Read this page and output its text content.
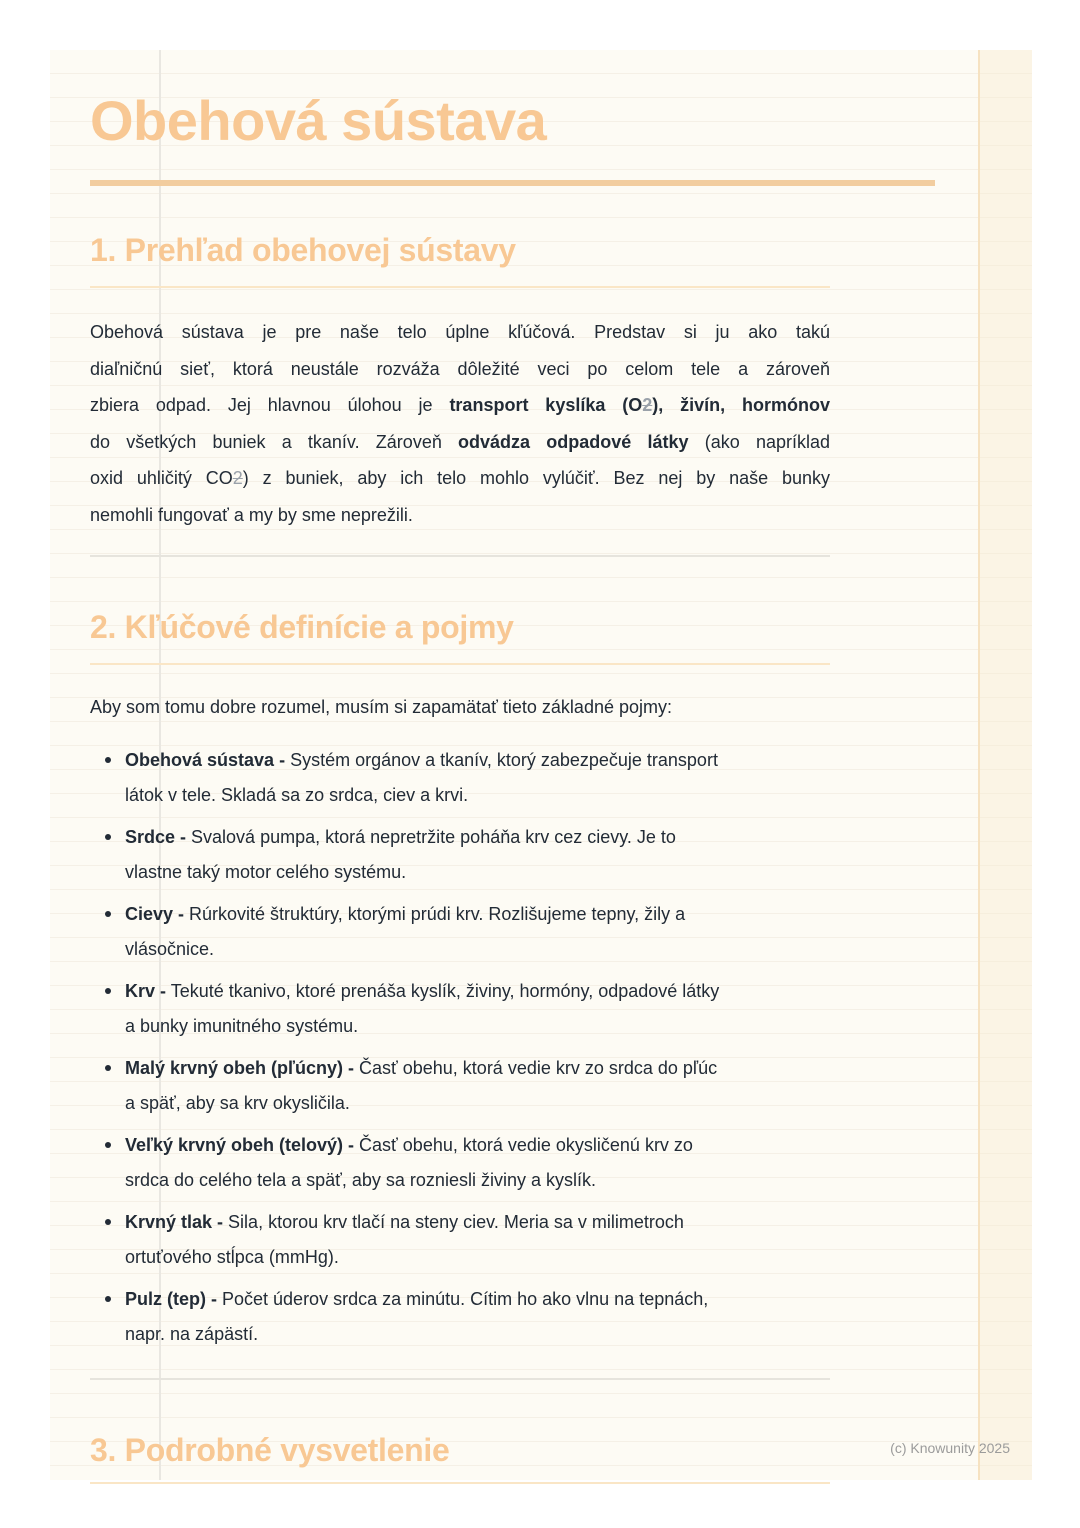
Obehová sústava
1. Prehľad obehovej sústavy
Obehová sústava je pre naše telo úplne kľúčová. Predstav si ju ako takú
diaľničnú sieť, ktorá neustále rozváža dôležité veci po celom tele a zároveň
zbiera odpad. Jej hlavnou úlohou je transport kyslíka (O2), živín, hormónov
do všetkých buniek a tkanív. Zároveň odvádza odpadové látky (ako napríklad
oxid uhličitý CO2) z buniek, aby ich telo mohlo vylúčiť. Bez nej by naše bunky
nemohli fungovať a my by sme neprežili.
2. Kľúčové definície a pojmy

Aby som tomu dobre rozumel, musím si zapamätať tieto základné pojmy:

Obehová sústava - Systém orgánov a tkanív, ktorý zabezpečuje transport
látok v tele. Skladá sa zo srdca, ciev a krvi.
Srdce - Svalová pumpa, ktorá nepretržite poháňa krv cez cievy. Je to
vlastne taký motor celého systému.
Cievy - Rúrkovité štruktúry, ktorými prúdi krv. Rozlišujeme tepny, žily a
vlásočnice.
Krv - Tekuté tkanivo, ktoré prenáša kyslík, živiny, hormóny, odpadové látky
a bunky imunitného systému.
Malý krvný obeh (pľúcny) - Časť obehu, ktorá vedie krv zo srdca do pľúc
a späť, aby sa krv okysličila.
Veľký krvný obeh (telový) - Časť obehu, ktorá vedie okysličenú krv zo
srdca do celého tela a späť, aby sa rozniesli živiny a kyslík.
Krvný tlak - Sila, ktorou krv tlačí na steny ciev. Meria sa v milimetroch
ortuťového stĺpca (mmHg).
Pulz (tep) - Počet úderov srdca za minútu. Cítim ho ako vlnu na tepnách,
napr. na zápästí.
3. Podrobné vysvetlenie	(c) Knowunity 2025
